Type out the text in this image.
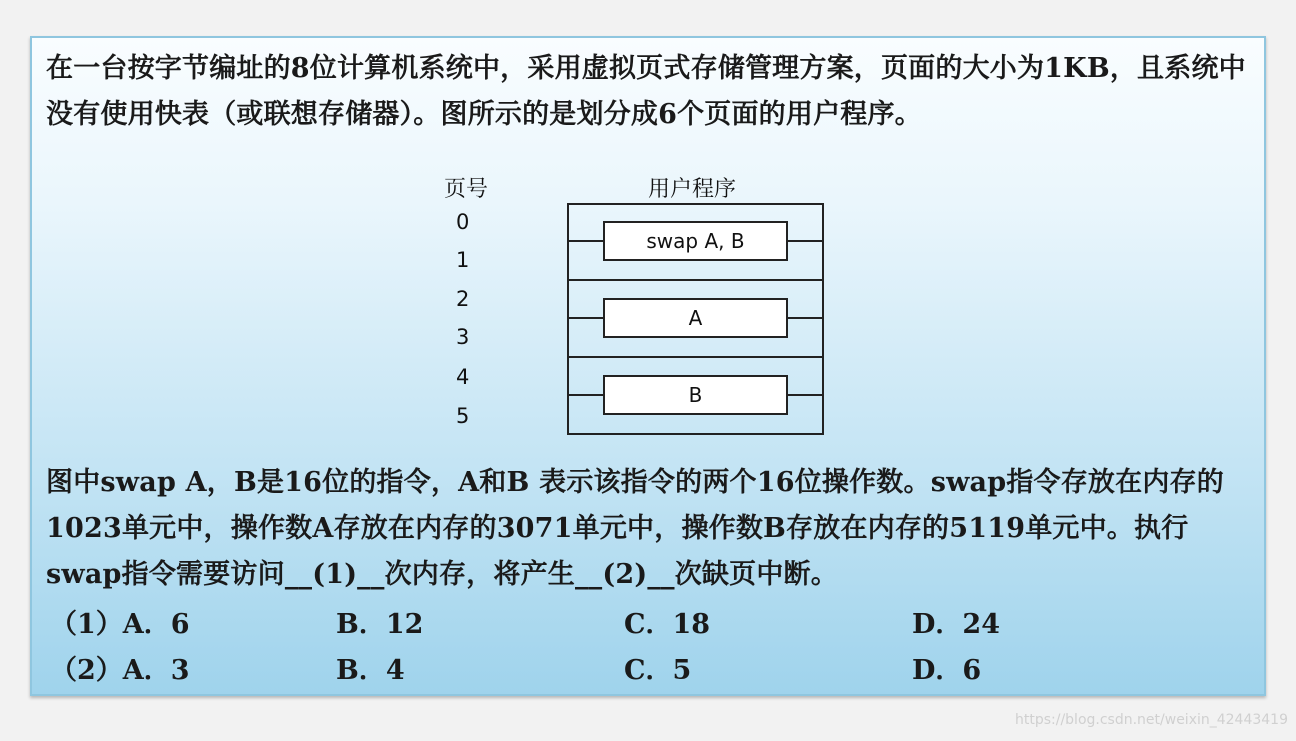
在一台按字节编址的8位计算机系统中，采用虚拟页式存储管理方案，页面的大小为1KB，且系统中没有使用快表（或联想存储器）。图所示的是划分成6个页面的用户程序。

页号	用户程序
0
1
2
3
4
5
swap A, B
A
B

图中swap A，B是16位的指令，A和B 表示该指令的两个16位操作数。swap指令存放在内存的1023单元中，操作数A存放在内存的3071单元中，操作数B存放在内存的5119单元中。执行swap指令需要访问__(1)__次内存，将产生__(2)__次缺页中断。

（1）A．6	B．12	C．18	D．24
（2）A．3	B．4	C．5	D．6
https://blog.csdn.net/weixin_42443419
